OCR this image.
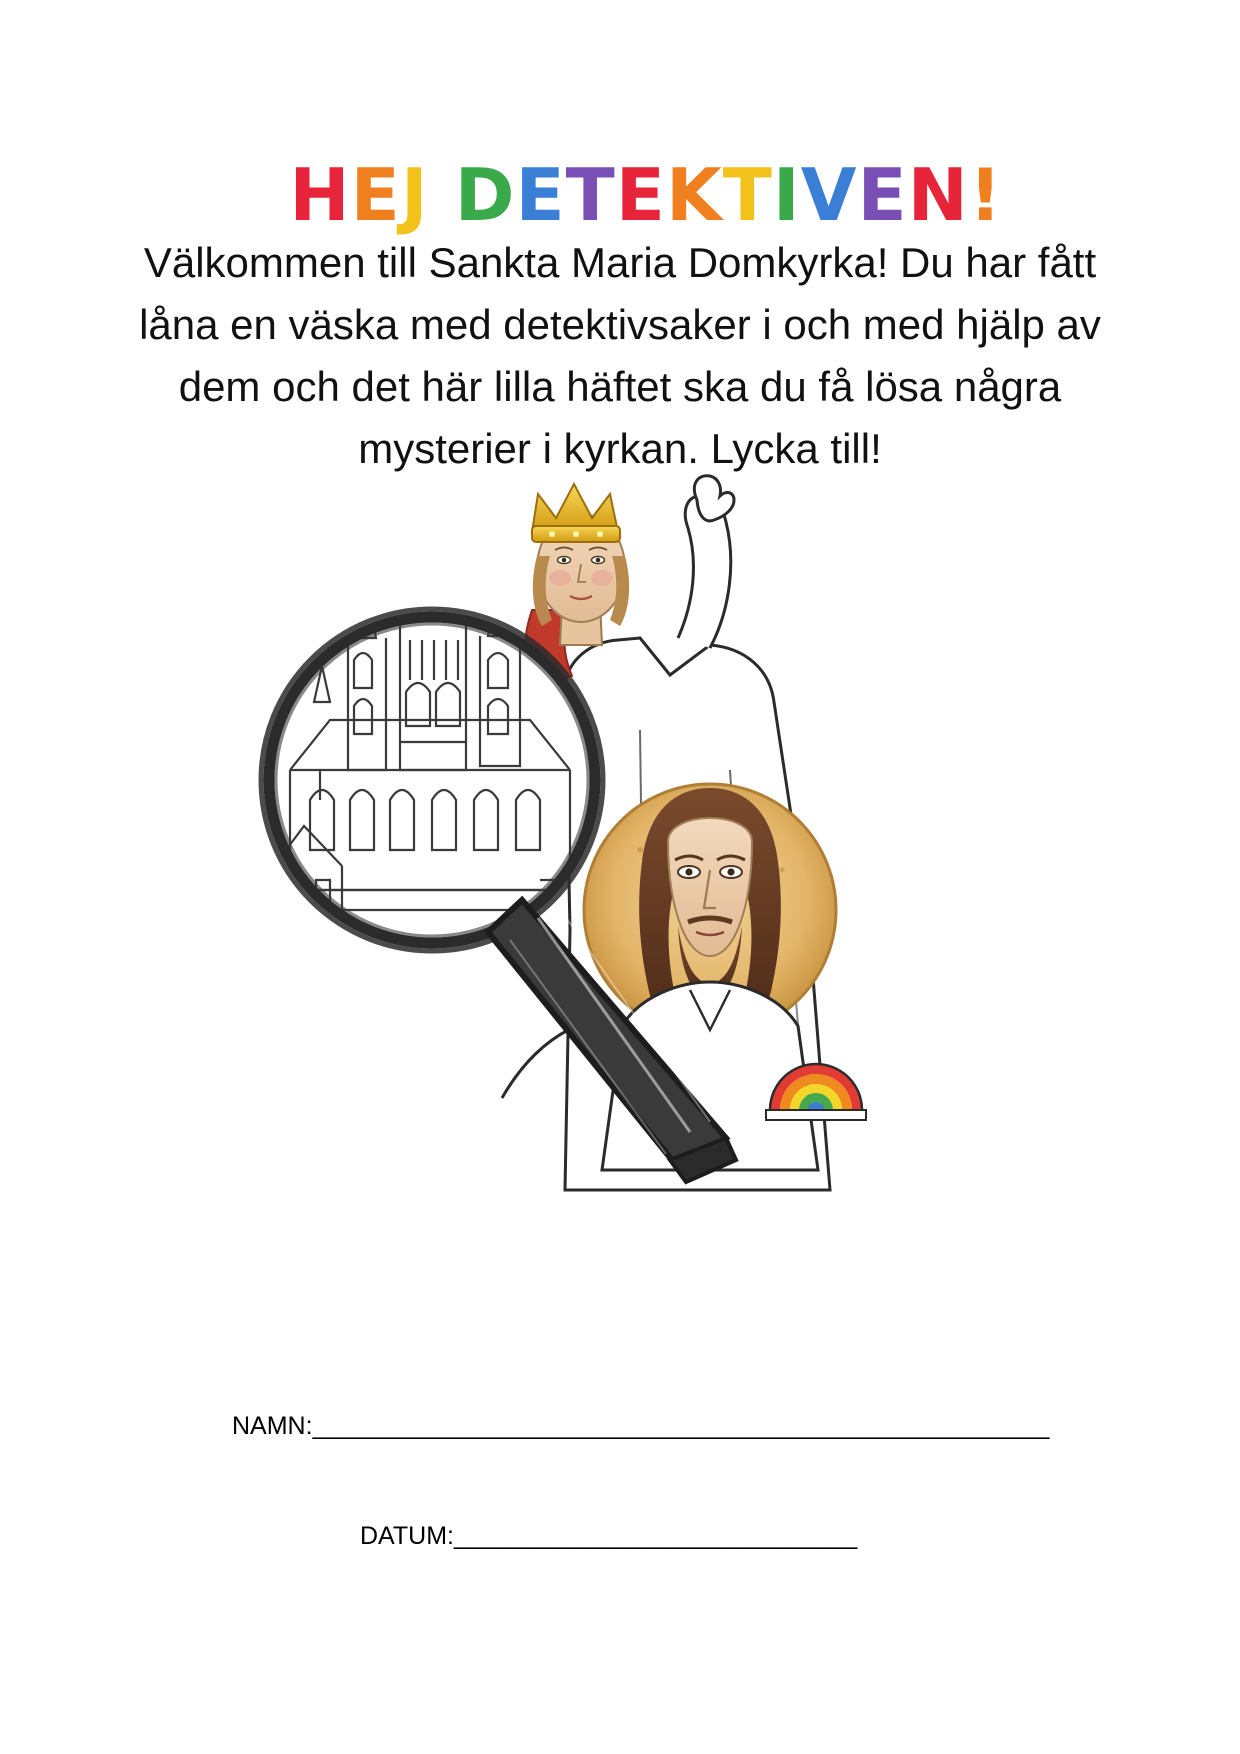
HEJ DETEKTIVEN!

Välkommen till Sankta Maria Domkyrka! Du har fått låna en väska med detektivsaker i och med hjälp av dem och det här lilla häftet ska du få lösa några mysterier i kyrkan. Lycka till!

NAMN:_____________________________________________________
DATUM:_____________________________
